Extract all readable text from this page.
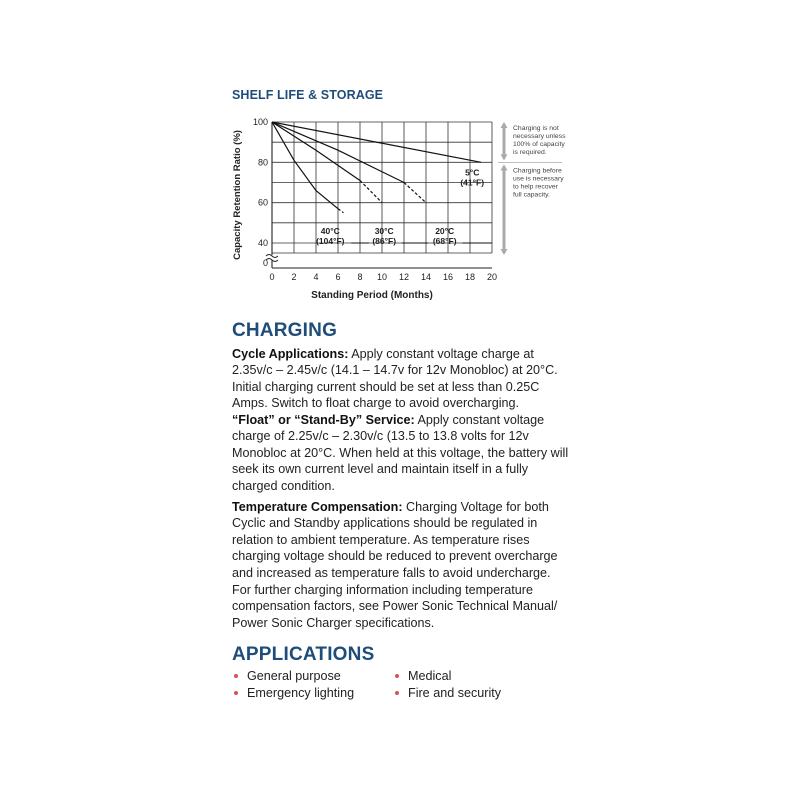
SHELF LIFE & STORAGE
0
40
60
80
100
0 2 4 6 8 10 12 14 16 18 20
Standing Period (Months)
Capacity Retention Ratio (%)	40°C
(104°F)
30°C
(86°F)
20°C
(68°F)
5°C
(41°F)
Charging is not
necessary unless
100% of capacity
is required.
Charging before
use is necessary
to help recover
full capacity.
CHARGING
Cycle Applications: Apply constant voltage charge at 2.35v/c – 2.45v/c (14.1 – 14.7v for 12v Monobloc) at 20°C. Initial charging current should be set at less than 0.25C Amps. Switch to float charge to avoid overcharging.
“Float” or “Stand-By” Service: Apply constant voltage charge of 2.25v/c – 2.30v/c (13.5 to 13.8 volts for 12v Monobloc at 20°C. When held at this voltage, the battery will seek its own current level and maintain itself in a fully charged condition.
Temperature Compensation: Charging Voltage for both Cyclic and Standby applications should be regulated in relation to ambient temperature. As temperature rises charging voltage should be reduced to prevent overcharge and increased as temperature falls to avoid undercharge.
For further charging information including temperature compensation factors, see Power Sonic Technical Manual/ Power Sonic Charger specifications.
APPLICATIONS
General purpose
Emergency lighting
Medical
Fire and security
